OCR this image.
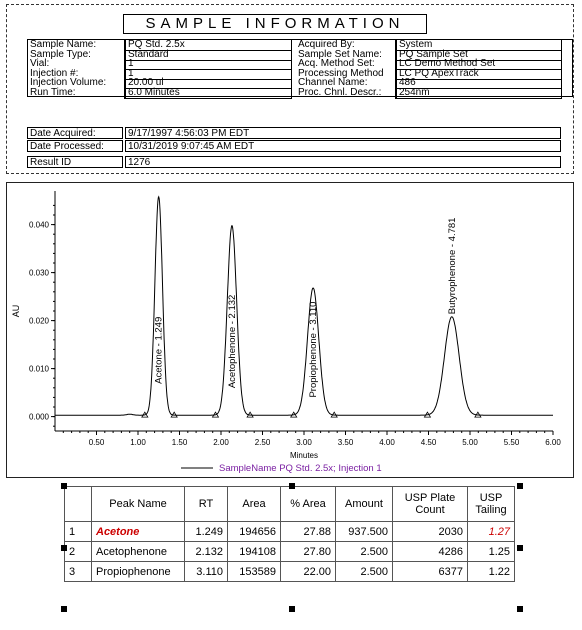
SAMPLE INFORMATION
Sample Name:	PQ Std. 2.5x
Sample Type:	Standard
Vial:	1
Injection #:	1
Injection Volume:	20.00 ul
Run Time:	6.0 Minutes
Acquired By:	System
Sample Set Name:	PQ Sample Set
Acq. Method Set:	LC Demo Method Set
Processing Method	LC PQ ApexTrack
Channel Name:	486
Proc. Chnl. Descr.:	254nm
Date Acquired:	9/17/1997 4:56:03 PM EDT
Date Processed:	10/31/2019 9:07:45 AM EDT
Result ID	1276
0.50	1.00	1.50	2.00	2.50	3.00	3.50	4.00	4.50	5.00	5.50	6.00
0.000
0.010
0.020
0.030
0.040
Minutes
AU
Acetone - 1.249	Acetophenone - 2.132	Propiophenone - 3.110
Butyrophenone - 4.781
SampleName PQ Std. 2.5x; Injection 1
	Peak Name	RT	Area	% Area	Amount	USP Plate Count	USP Tailing
1	Acetone	1.249	194656	27.88	937.500	2030	1.27
2	Acetophenone	2.132	194108	27.80	2.500	4286	1.25
3	Propiophenone	3.110	153589	22.00	2.500	6377	1.22
